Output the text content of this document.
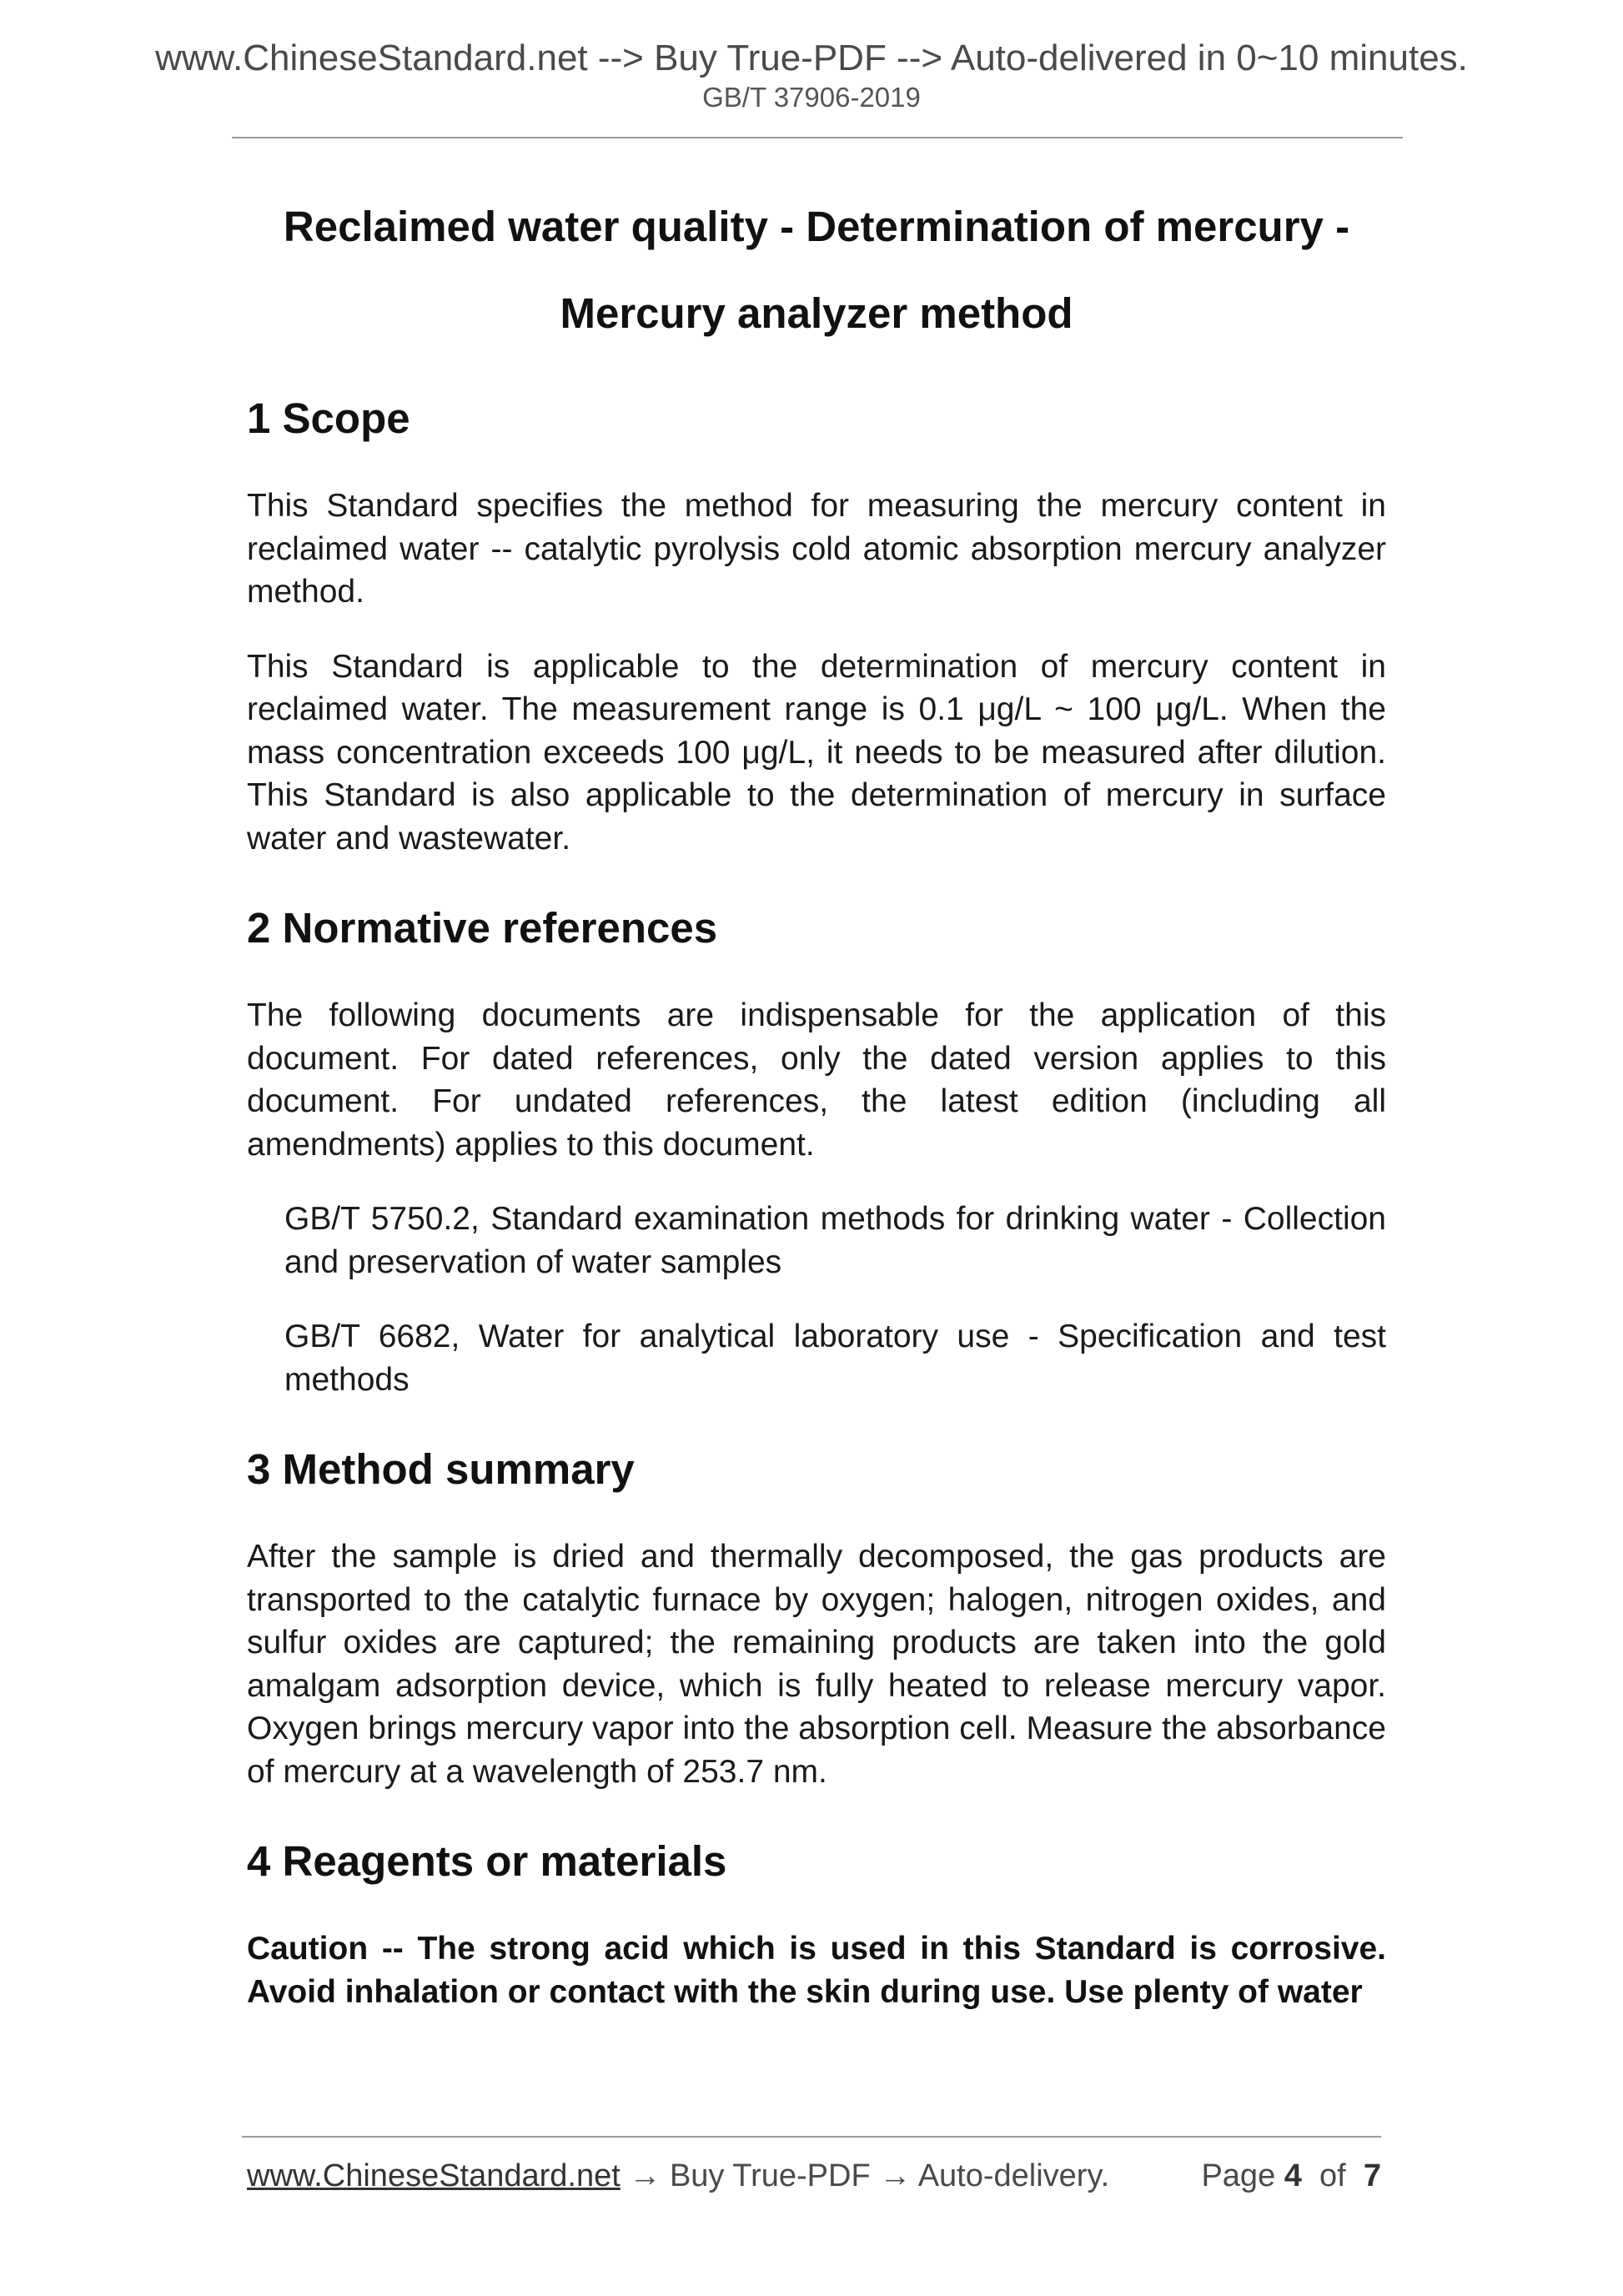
www.ChineseStandard.net --> Buy True-PDF --> Auto-delivered in 0~10 minutes.
GB/T 37906-2019
Reclaimed water quality - Determination of mercury -
Mercury analyzer method
1 Scope

This Standard specifies the method for measuring the mercury content in reclaimed water -- catalytic pyrolysis cold atomic absorption mercury analyzer method.

This Standard is applicable to the determination of mercury content in reclaimed water. The measurement range is 0.1 μg/L ~ 100 μg/L. When the mass concentration exceeds 100 μg/L, it needs to be measured after dilution. This Standard is also applicable to the determination of mercury in surface water and wastewater.

2 Normative references

The following documents are indispensable for the application of this document. For dated references, only the dated version applies to this document. For undated references, the latest edition (including all amendments) applies to this document.

GB/T 5750.2, Standard examination methods for drinking water - Collection and preservation of water samples

GB/T 6682, Water for analytical laboratory use - Specification and test methods

3 Method summary

After the sample is dried and thermally decomposed, the gas products are transported to the catalytic furnace by oxygen; halogen, nitrogen oxides, and sulfur oxides are captured; the remaining products are taken into the gold amalgam adsorption device, which is fully heated to release mercury vapor. Oxygen brings mercury vapor into the absorption cell. Measure the absorbance of mercury at a wavelength of 253.7 nm.

4 Reagents or materials

Caution -- The strong acid which is used in this Standard is corrosive. Avoid inhalation or contact with the skin during use. Use plenty of water

www.ChineseStandard.net → Buy True-PDF → Auto-delivery.	Page 4 of 7
